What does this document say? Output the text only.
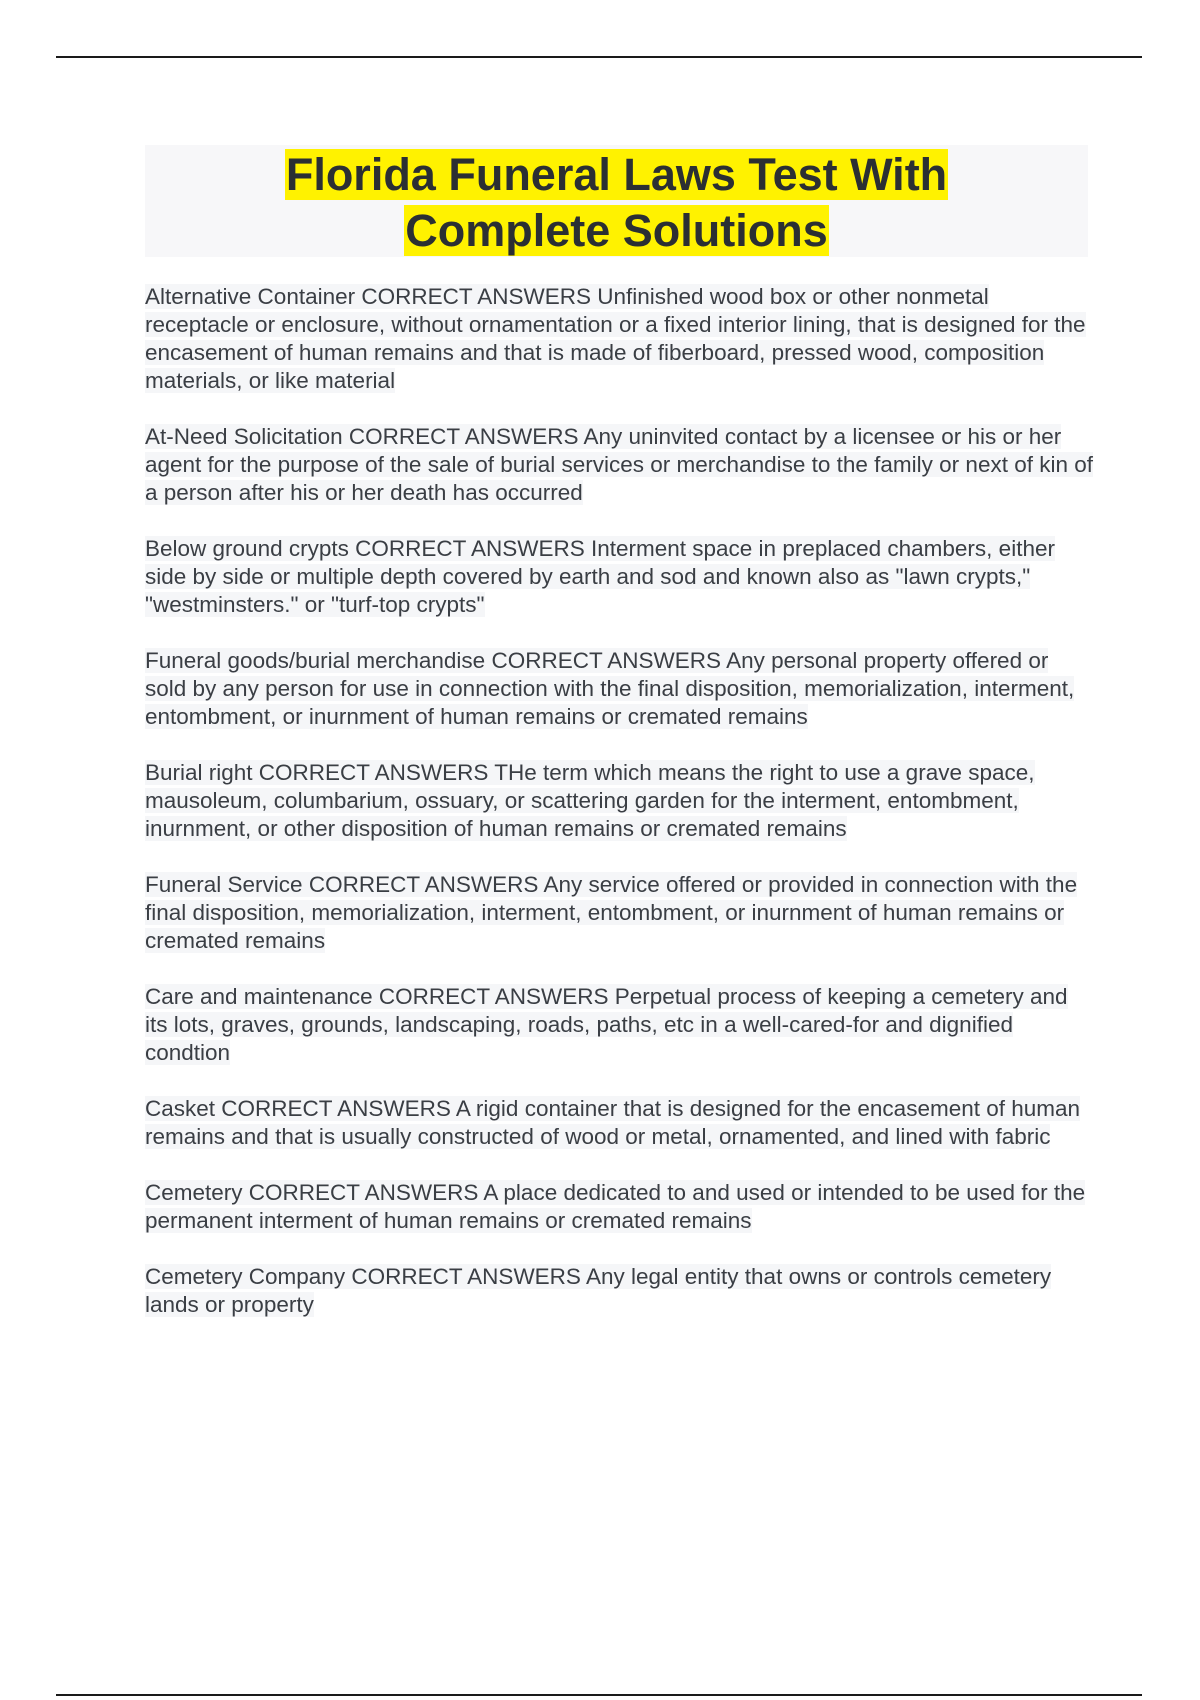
Florida Funeral Laws Test With
Complete Solutions

Alternative Container CORRECT ANSWERS Unfinished wood box or other nonmetal receptacle or enclosure, without ornamentation or a fixed interior lining, that is designed for the encasement of human remains and that is made of fiberboard, pressed wood, composition materials, or like material

At-Need Solicitation CORRECT ANSWERS Any uninvited contact by a licensee or his or her agent for the purpose of the sale of burial services or merchandise to the family or next of kin of a person after his or her death has occurred

Below ground crypts CORRECT ANSWERS Interment space in preplaced chambers, either side by side or multiple depth covered by earth and sod and known also as "lawn crypts," "westminsters." or "turf-top crypts"

Funeral goods/burial merchandise CORRECT ANSWERS Any personal property offered or sold by any person for use in connection with the final disposition, memorialization, interment, entombment, or inurnment of human remains or cremated remains

Burial right CORRECT ANSWERS THe term which means the right to use a grave space, mausoleum, columbarium, ossuary, or scattering garden for the interment, entombment, inurnment, or other disposition of human remains or cremated remains

Funeral Service CORRECT ANSWERS Any service offered or provided in connection with the final disposition, memorialization, interment, entombment, or inurnment of human remains or cremated remains

Care and maintenance CORRECT ANSWERS Perpetual process of keeping a cemetery and its lots, graves, grounds, landscaping, roads, paths, etc in a well-cared-for and dignified condtion

Casket CORRECT ANSWERS A rigid container that is designed for the encasement of human remains and that is usually constructed of wood or metal, ornamented, and lined with fabric

Cemetery CORRECT ANSWERS A place dedicated to and used or intended to be used for the permanent interment of human remains or cremated remains

Cemetery Company CORRECT ANSWERS Any legal entity that owns or controls cemetery lands or property
